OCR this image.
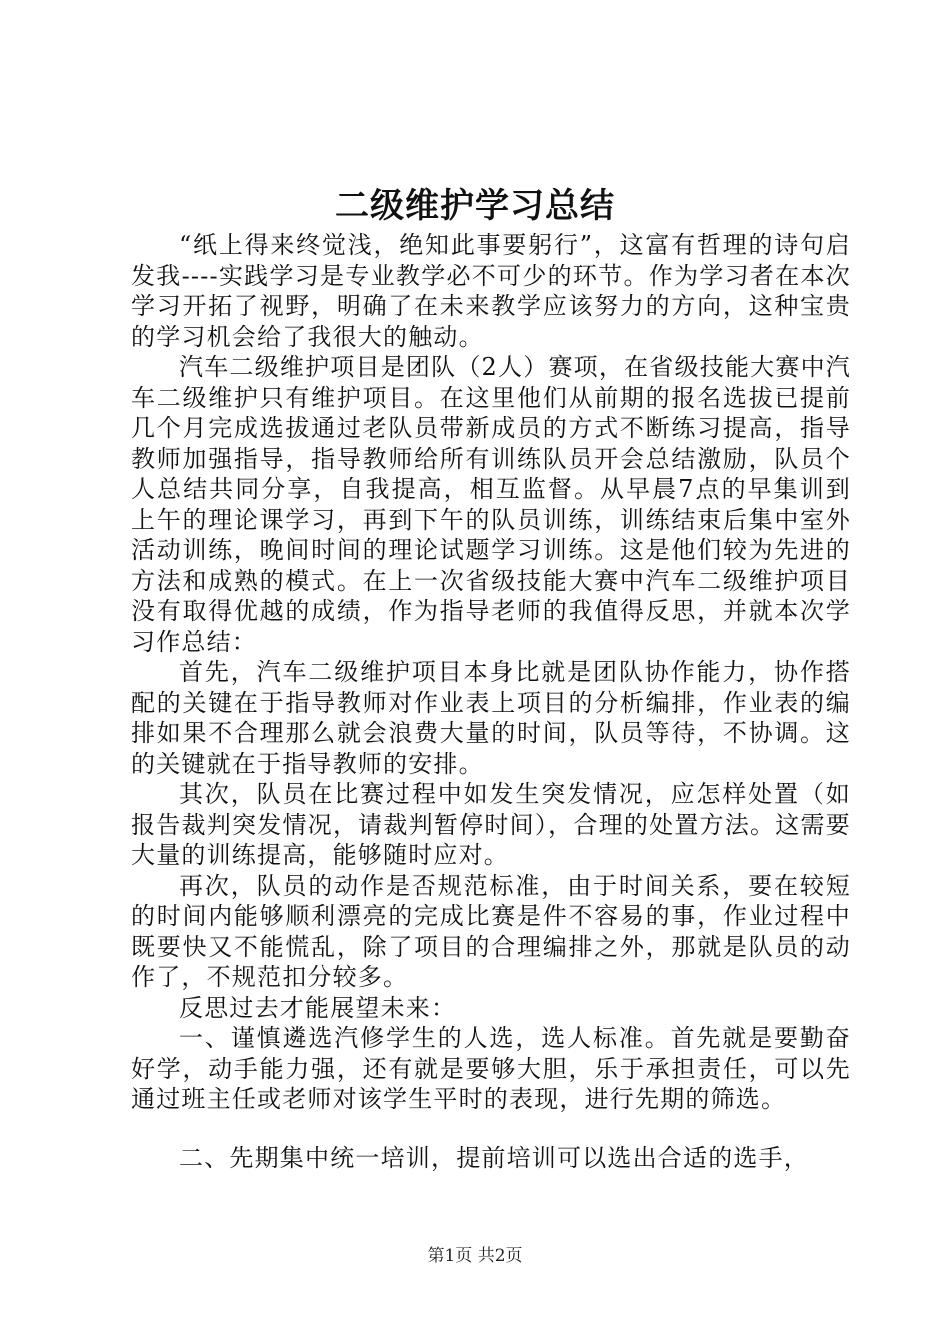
二级维护学习总结

“纸上得来终觉浅，绝知此事要躬行”，这富有哲理的诗句启发我----实践学习是专业教学必不可少的环节。作为学习者在本次学习开拓了视野，明确了在未来教学应该努力的方向，这种宝贵的学习机会给了我很大的触动。

汽车二级维护项目是团队（2人）赛项，在省级技能大赛中汽车二级维护只有维护项目。在这里他们从前期的报名选拔已提前几个月完成选拔通过老队员带新成员的方式不断练习提高，指导教师加强指导，指导教师给所有训练队员开会总结激励，队员个人总结共同分享，自我提高，相互监督。从早晨7点的早集训到上午的理论课学习，再到下午的队员训练，训练结束后集中室外活动训练，晚间时间的理论试题学习训练。这是他们较为先进的方法和成熟的模式。在上一次省级技能大赛中汽车二级维护项目没有取得优越的成绩，作为指导老师的我值得反思，并就本次学习作总结：

首先，汽车二级维护项目本身比就是团队协作能力，协作搭配的关键在于指导教师对作业表上项目的分析编排，作业表的编排如果不合理那么就会浪费大量的时间，队员等待，不协调。这的关键就在于指导教师的安排。

其次，队员在比赛过程中如发生突发情况，应怎样处置（如报告裁判突发情况，请裁判暂停时间），合理的处置方法。这需要大量的训练提高，能够随时应对。

再次，队员的动作是否规范标准，由于时间关系，要在较短的时间内能够顺利漂亮的完成比赛是件不容易的事，作业过程中既要快又不能慌乱，除了项目的合理编排之外，那就是队员的动作了，不规范扣分较多。

反思过去才能展望未来：

一、谨慎遴选汽修学生的人选，选人标准。首先就是要勤奋好学，动手能力强，还有就是要够大胆，乐于承担责任，可以先通过班主任或老师对该学生平时的表现，进行先期的筛选。

二、先期集中统一培训，提前培训可以选出合适的选手，

第1页 共2页
